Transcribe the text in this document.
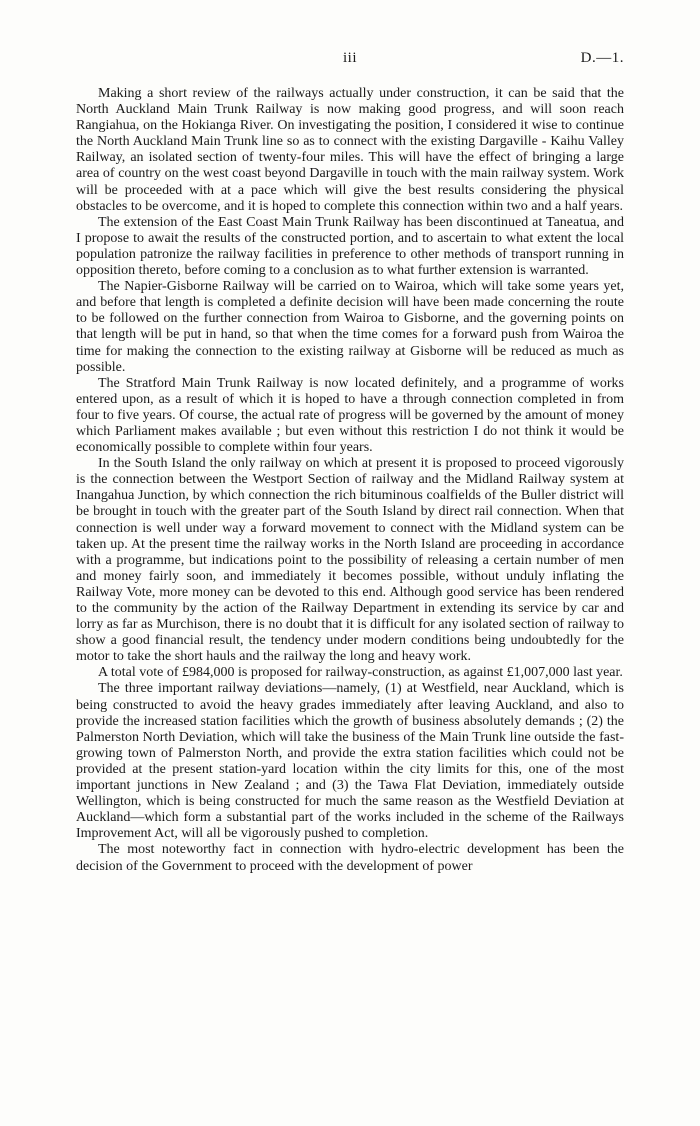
iii	D.—1.

Making a short review of the railways actually under construction, it can be said that the North Auckland Main Trunk Railway is now making good progress, and will soon reach Rangiahua, on the Hokianga River. On investigating the position, I considered it wise to continue the North Auckland Main Trunk line so as to connect with the existing Dargaville - Kaihu Valley Railway, an isolated section of twenty-four miles. This will have the effect of bringing a large area of country on the west coast beyond Dargaville in touch with the main railway system. Work will be proceeded with at a pace which will give the best results considering the physical obstacles to be overcome, and it is hoped to complete this connection within two and a half years.

The extension of the East Coast Main Trunk Railway has been discontinued at Taneatua, and I propose to await the results of the constructed portion, and to ascertain to what extent the local population patronize the railway facilities in preference to other methods of transport running in opposition thereto, before coming to a conclusion as to what further extension is warranted.

The Napier-Gisborne Railway will be carried on to Wairoa, which will take some years yet, and before that length is completed a definite decision will have been made concerning the route to be followed on the further connection from Wairoa to Gisborne, and the governing points on that length will be put in hand, so that when the time comes for a forward push from Wairoa the time for making the connection to the existing railway at Gisborne will be reduced as much as possible.

The Stratford Main Trunk Railway is now located definitely, and a programme of works entered upon, as a result of which it is hoped to have a through connection completed in from four to five years. Of course, the actual rate of progress will be governed by the amount of money which Parliament makes available ; but even without this restriction I do not think it would be economically possible to complete within four years.

In the South Island the only railway on which at present it is proposed to proceed vigorously is the connection between the Westport Section of railway and the Midland Railway system at Inangahua Junction, by which connection the rich bituminous coalfields of the Buller district will be brought in touch with the greater part of the South Island by direct rail connection. When that connection is well under way a forward movement to connect with the Midland system can be taken up. At the present time the railway works in the North Island are proceeding in accordance with a programme, but indications point to the possibility of releasing a certain number of men and money fairly soon, and immediately it becomes possible, without unduly inflating the Railway Vote, more money can be devoted to this end. Although good service has been rendered to the community by the action of the Railway Department in extending its service by car and lorry as far as Murchison, there is no doubt that it is difficult for any isolated section of railway to show a good financial result, the tendency under modern conditions being undoubtedly for the motor to take the short hauls and the railway the long and heavy work.

A total vote of £984,000 is proposed for railway-construction, as against £1,007,000 last year.

The three important railway deviations—namely, (1) at Westfield, near Auckland, which is being constructed to avoid the heavy grades immediately after leaving Auckland, and also to provide the increased station facilities which the growth of business absolutely demands ; (2) the Palmerston North Deviation, which will take the business of the Main Trunk line outside the fast-growing town of Palmerston North, and provide the extra station facilities which could not be provided at the present station-yard location within the city limits for this, one of the most important junctions in New Zealand ; and (3) the Tawa Flat Deviation, immediately outside Wellington, which is being constructed for much the same reason as the Westfield Deviation at Auckland—which form a substantial part of the works included in the scheme of the Railways Improvement Act, will all be vigorously pushed to completion.

The most noteworthy fact in connection with hydro-electric development has been the decision of the Government to proceed with the development of power
